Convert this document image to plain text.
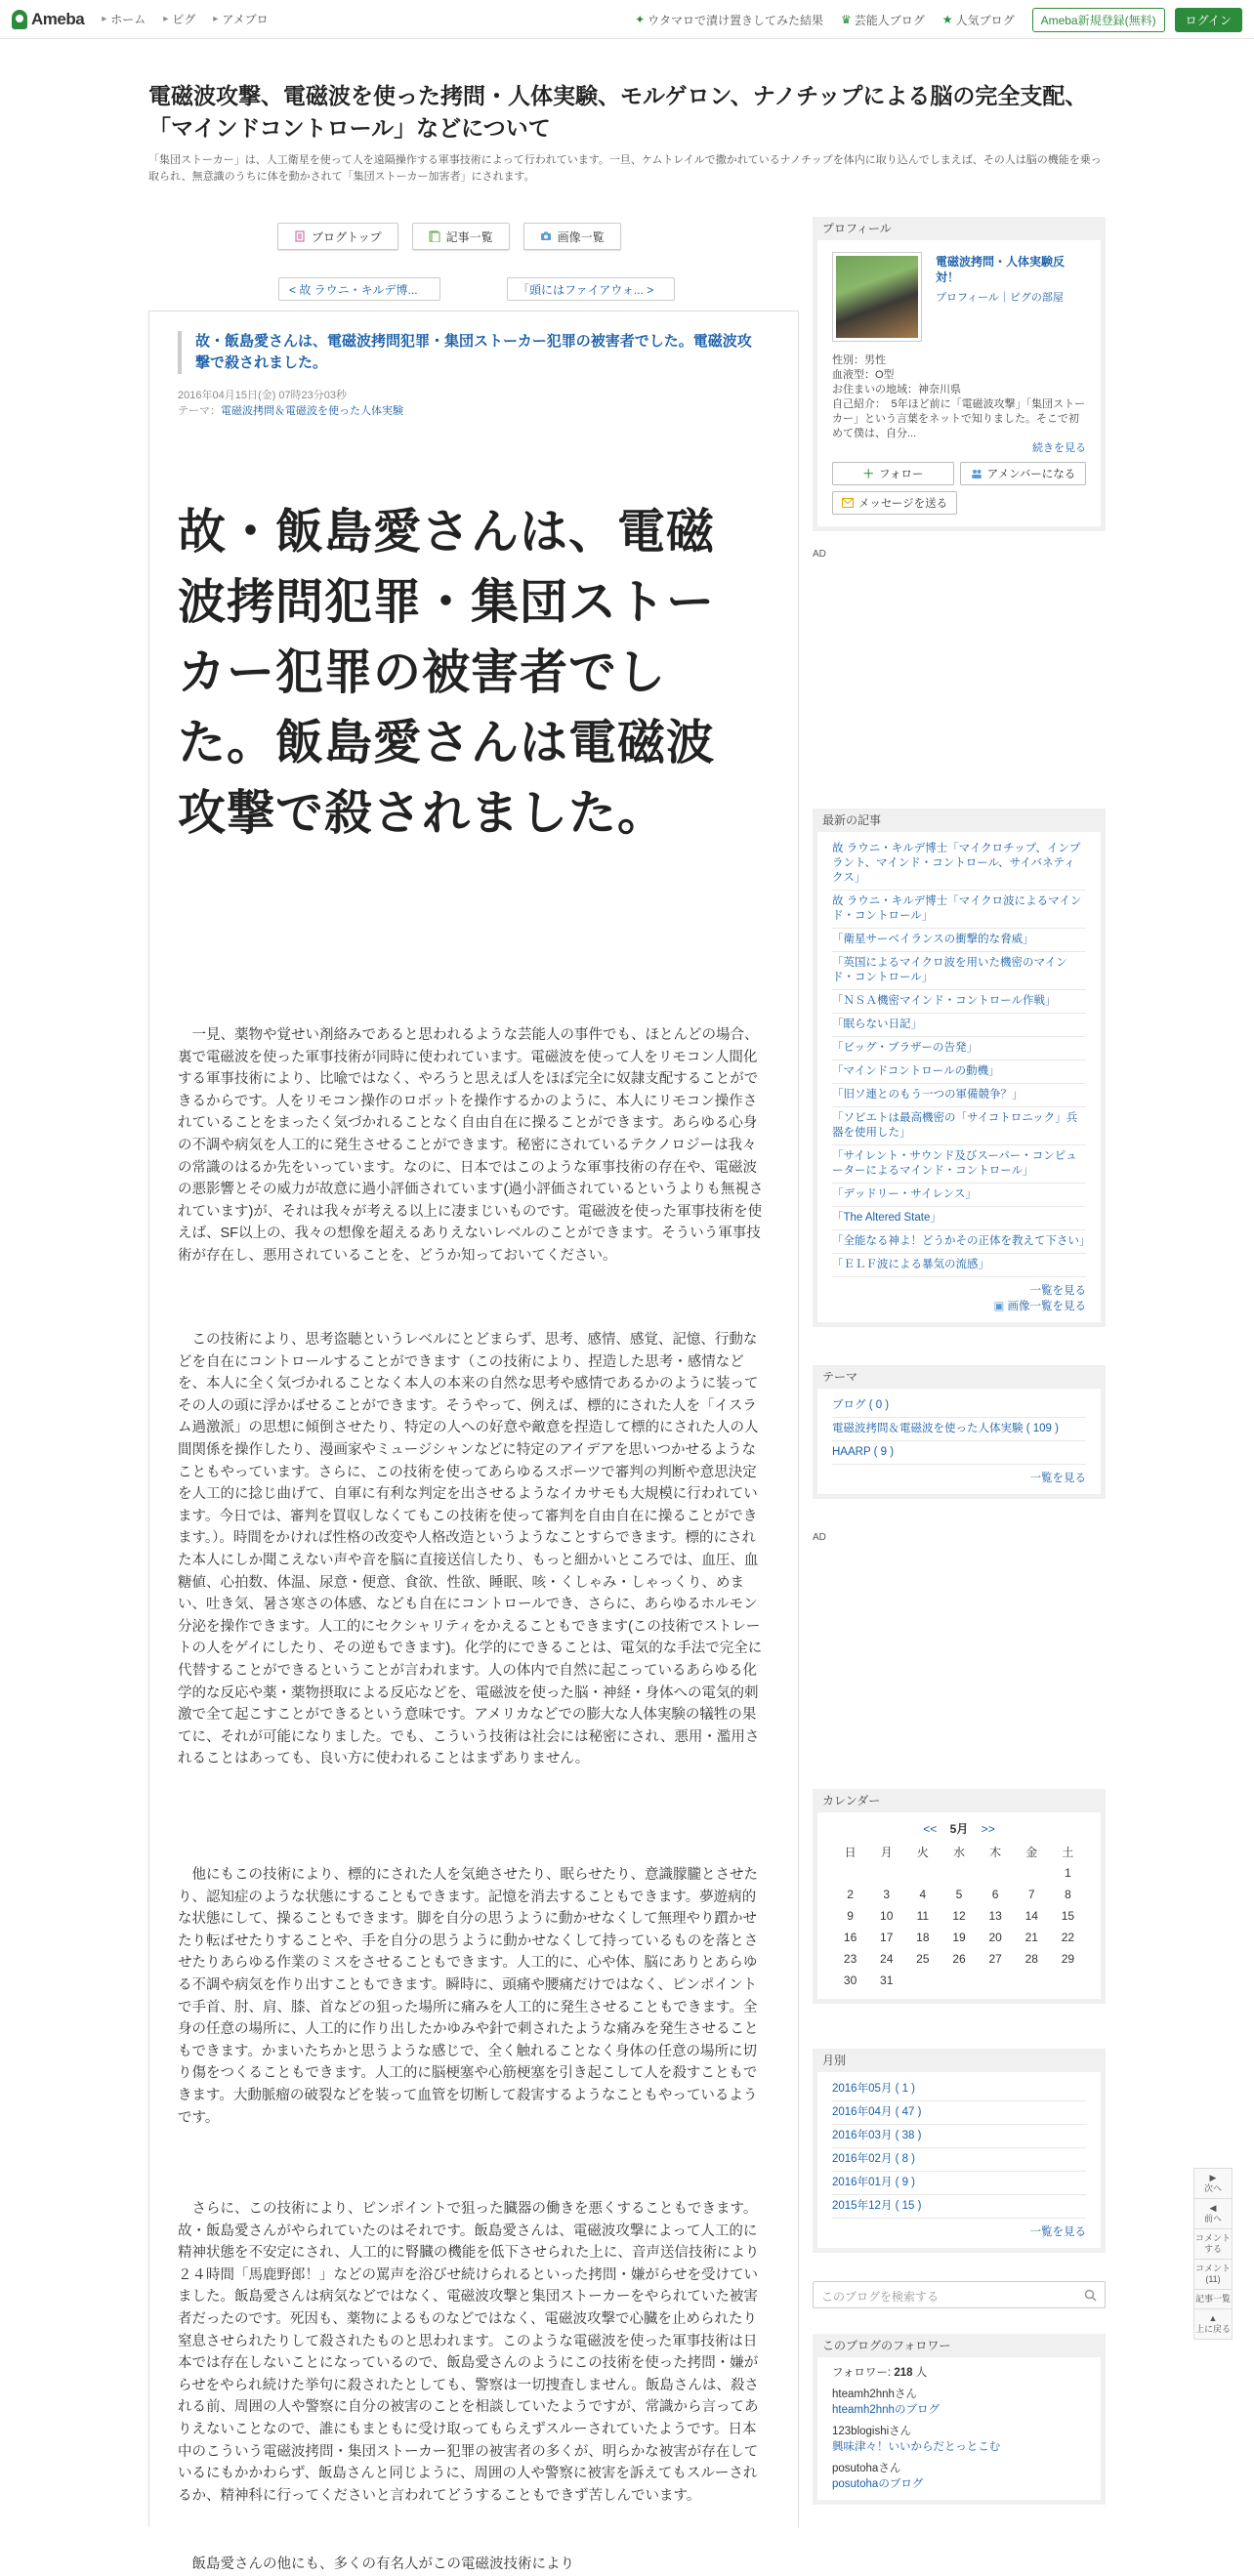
Ameba ▸ ホーム ▸ ピグ ▸ アメブロ	✦ ウタマロで漬け置きしてみた結果 ♛ 芸能人ブログ ★ 人気ブログ	Ameba新規登録(無料)	ログイン
電磁波攻撃、電磁波を使った拷問・人体実験、モルゲロン、ナノチップによる脳の完全支配、「マインドコントロール」などについて
「集団ストーカー」は、人工衛星を使って人を遠隔操作する軍事技術によって行われています。一旦、ケムトレイルで撒かれているナノチップを体内に取り込んでしまえば、その人は脳の機能を乗っ取られ、無意識のうちに体を動かされて「集団ストーカー加害者」にされます。
ブログトップ	記事一覧	画像一覧
< 故 ラウニ・キルデ博...	「頭にはファイアウォ... >
故・飯島愛さんは、電磁波拷問犯罪・集団ストーカー犯罪の被害者でした。電磁波攻撃で殺されました。
2016年04月15日(金) 07時23分03秒
テーマ：電磁波拷問＆電磁波を使った人体実験
故・飯島愛さんは、電磁波拷問犯罪・集団ストーカー犯罪の被害者でした。飯島愛さんは電磁波攻撃で殺されました。
一見、薬物や覚せい剤絡みであると思われるような芸能人の事件でも、ほとんどの場合、裏で電磁波を使った軍事技術が同時に使われています。電磁波を使って人をリモコン人間化する軍事技術により、比喩ではなく、やろうと思えば人をほぼ完全に奴隷支配することができるからです。人をリモコン操作のロボットを操作するかのように、本人にリモコン操作されていることをまったく気づかれることなく自由自在に操ることができます。あらゆる心身の不調や病気を人工的に発生させることができます。秘密にされているテクノロジーは我々の常識のはるか先をいっています。なのに、日本ではこのような軍事技術の存在や、電磁波の悪影響とその威力が故意に過小評価されています(過小評価されているというよりも無視されています)が、それは我々が考える以上に凄まじいものです。電磁波を使った軍事技術を使えば、SF以上の、我々の想像を超えるありえないレベルのことができます。そういう軍事技術が存在し、悪用されていることを、どうか知っておいてください。
この技術により、思考盗聴というレベルにとどまらず、思考、感情、感覚、記憶、行動などを自在にコントロールすることができます（この技術により、捏造した思考・感情などを、本人に全く気づかれることなく本人の本来の自然な思考や感情であるかのように装ってその人の頭に浮かばせることができます。そうやって、例えば、標的にされた人を「イスラム過激派」の思想に傾倒させたり、特定の人への好意や敵意を捏造して標的にされた人の人間関係を操作したり、漫画家やミュージシャンなどに特定のアイデアを思いつかせるようなこともやっています。さらに、この技術を使ってあらゆるスポーツで審判の判断や意思決定を人工的に捻じ曲げて、自軍に有利な判定を出させるようなイカサモも大規模に行われています。今日では、審判を買収しなくてもこの技術を使って審判を自由自在に操ることができます。）。時間をかければ性格の改変や人格改造というようなことすらできます。標的にされた本人にしか聞こえない声や音を脳に直接送信したり、もっと細かいところでは、血圧、血糖値、心拍数、体温、尿意・便意、食欲、性欲、睡眠、咳・くしゃみ・しゃっくり、めまい、吐き気、暑さ寒さの体感、なども自在にコントロールでき、さらに、あらゆるホルモン分泌を操作できます。人工的にセクシャリティをかえることもできます(この技術でストレートの人をゲイにしたり、その逆もできます)。化学的にできることは、電気的な手法で完全に代替することができるということが言われます。人の体内で自然に起こっているあらゆる化学的な反応や薬・薬物摂取による反応などを、電磁波を使った脳・神経・身体への電気的刺激で全て起こすことができるという意味です。アメリカなどでの膨大な人体実験の犠牲の果てに、それが可能になりました。でも、こういう技術は社会には秘密にされ、悪用・濫用されることはあっても、良い方に使われることはまずありません。
他にもこの技術により、標的にされた人を気絶させたり、眠らせたり、意識朦朧とさせたり、認知症のような状態にすることもできます。記憶を消去することもできます。夢遊病的な状態にして、操ることもできます。脚を自分の思うように動かせなくして無理やり躓かせたり転ばせたりすることや、手を自分の思うように動かせなくして持っているものを落とさせたりあらゆる作業のミスをさせることもできます。人工的に、心や体、脳にありとあらゆる不調や病気を作り出すこともできます。瞬時に、頭痛や腰痛だけではなく、ピンポイントで手首、肘、肩、膝、首などの狙った場所に痛みを人工的に発生させることもできます。全身の任意の場所に、人工的に作り出したかゆみや針で刺されたような痛みを発生させることもできます。かまいたちかと思うような感じで、全く触れることなく身体の任意の場所に切り傷をつくることもできます。人工的に脳梗塞や心筋梗塞を引き起こして人を殺すこともできます。大動脈瘤の破裂などを装って血管を切断して殺害するようなこともやっているようです。
さらに、この技術により、ピンポイントで狙った臓器の働きを悪くすることもできます。故・飯島愛さんがやられていたのはそれです。飯島愛さんは、電磁波攻撃によって人工的に精神状態を不安定にされ、人工的に腎臓の機能を低下させられた上に、音声送信技術により２４時間「馬鹿野郎！」などの罵声を浴びせ続けられるといった拷問・嫌がらせを受けていました。飯島愛さんは病気などではなく、電磁波攻撃と集団ストーカーをやられていた被害者だったのです。死因も、薬物によるものなどではなく、電磁波攻撃で心臓を止められたり窒息させられたりして殺されたものと思われます。このような電磁波を使った軍事技術は日本では存在しないことになっているので、飯島愛さんのようにこの技術を使った拷問・嫌がらせをやられ続けた挙句に殺されたとしても、警察は一切捜査しません。飯島さんは、殺される前、周囲の人や警察に自分の被害のことを相談していたようですが、常識から言ってありえないことなので、誰にもまともに受け取ってもらえずスルーされていたようです。日本中のこういう電磁波拷問・集団ストーカー犯罪の被害者の多くが、明らかな被害が存在しているにもかかわらず、飯島さんと同じように、周囲の人や警察に被害を訴えてもスルーされるか、精神科に行ってくださいと言われてどうすることもできず苦しんでいます。
飯島愛さんの他にも、多くの有名人がこの電磁波技術により
プロフィール
電磁波拷問・人体実験反対！
プロフィール｜ピグの部屋
性別：男性
血液型：O型
お住まいの地域：神奈川県
自己紹介：　5年ほど前に「電磁波攻撃」「集団ストーカー」という言葉をネットで知りました。そこで初めて僕は、自分...
続きを見る
＋ フォロー	アメンバーになる
メッセージを送る
AD
最新の記事
故 ラウニ・キルデ博士「マイクロチップ、インプラント、マインド・コントロール、サイバネティクス」
故 ラウニ・キルデ博士「マイクロ波によるマインド・コントロール」
「衛星サーベイランスの衝撃的な脅威」
「英国によるマイクロ波を用いた機密のマインド・コントロール」
「ＮＳＡ機密マインド・コントロール作戦」
「眠らない日記」
「ビッグ・ブラザーの告発」
「マインドコントロールの動機」
「旧ソ連とのもう一つの軍備競争？」
「ソビエトは最高機密の「サイコトロニック」兵器を使用した」
「サイレント・サウンド及びスーパー・コンピューターによるマインド・コントロール」
「デッドリー・サイレンス」
「The Altered State」
「全能なる神よ！どうかその正体を教えて下さい」
「ＥＬＦ波による暴気の流感」
一覧を見る
▣ 画像一覧を見る
テーマ
ブログ ( 0 )
電磁波拷問＆電磁波を使った人体実験 ( 109 )
HAARP ( 9 )
一覧を見る
AD
カレンダー
<< 5月 >>
日	月	火	水	木	金	土
						1
2	3	4	5	6	7	8
9	10	11	12	13	14	15
16	17	18	19	20	21	22
23	24	25	26	27	28	29
30	31					
月別
2016年05月 ( 1 )
2016年04月 ( 47 )
2016年03月 ( 38 )
2016年02月 ( 8 )
2016年01月 ( 9 )
2015年12月 ( 15 )
一覧を見る
このブログを検索する
このブログのフォロワー
フォロワー: 218 人
hteamh2hnhさん
hteamh2hnhのブログ
123blogishiさん
興味津々！いいからだとっとこむ
posutohaさん
posutohaのブログ
▶
次へ
◀
前へ
コメントする
コメント(11)
記事一覧
▲
上に戻る
